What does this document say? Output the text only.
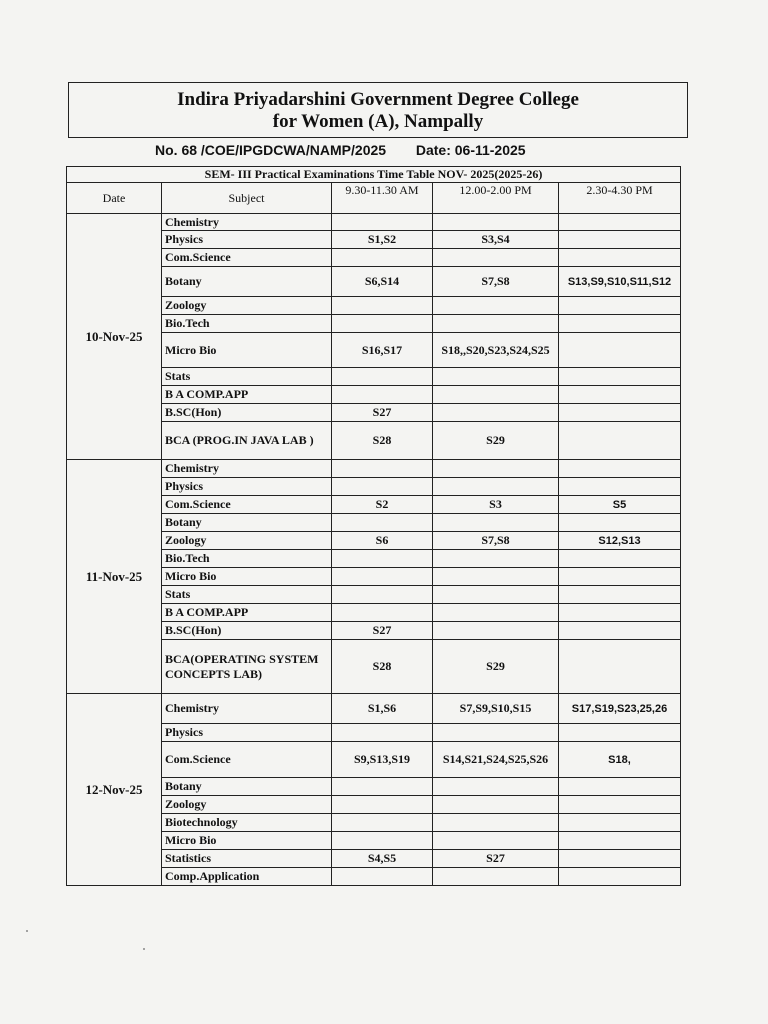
Indira Priyadarshini Government Degree College
for Women (A), Nampally
No. 68 /COE/IPGDCWA/NAMP/2025 Date: 06-11-2025
SEM- III Practical Examinations Time Table NOV- 2025(2025-26)				
Date	Subject	9.30-11.30 AM	12.00-2.00 PM	2.30-4.30 PM
10-Nov-25	Chemistry			
	Physics	S1,S2	S3,S4	
	Com.Science			
	Botany	S6,S14	S7,S8	S13,S9,S10,S11,S12
	Zoology			
	Bio.Tech			
	Micro Bio	S16,S17	S18,,S20,S23,S24,S25	
	Stats			
	B A COMP.APP			
	B.SC(Hon)	S27		
	BCA (PROG.IN JAVA LAB )	S28	S29	
11-Nov-25	Chemistry			
	Physics			
	Com.Science	S2	S3	S5
	Botany			
	Zoology	S6	S7,S8	S12,S13
	Bio.Tech			
	Micro Bio			
	Stats			
	B A COMP.APP			
	B.SC(Hon)	S27		
	BCA(OPERATING SYSTEM CONCEPTS LAB)	S28	S29	
12-Nov-25	Chemistry	S1,S6	S7,S9,S10,S15	S17,S19,S23,25,26
	Physics			
	Com.Science	S9,S13,S19	S14,S21,S24,S25,S26	S18,
	Botany			
	Zoology			
	Biotechnology			
	Micro Bio			
	Statistics	S4,S5	S27	
	Comp.Application			
